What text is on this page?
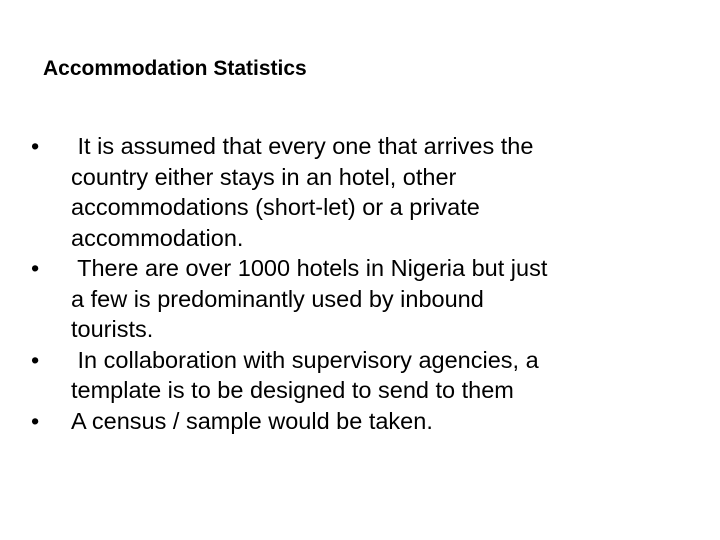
Accommodation Statistics
•	It is assumed that every one that arrives the
country either stays in an hotel, other
accommodations (short-let) or a private
accommodation.
•	There are over 1000 hotels in Nigeria but just
a few is predominantly used by inbound
tourists.
•	In collaboration with supervisory agencies, a
template is to be designed to send to them
•	A census / sample would be taken.
